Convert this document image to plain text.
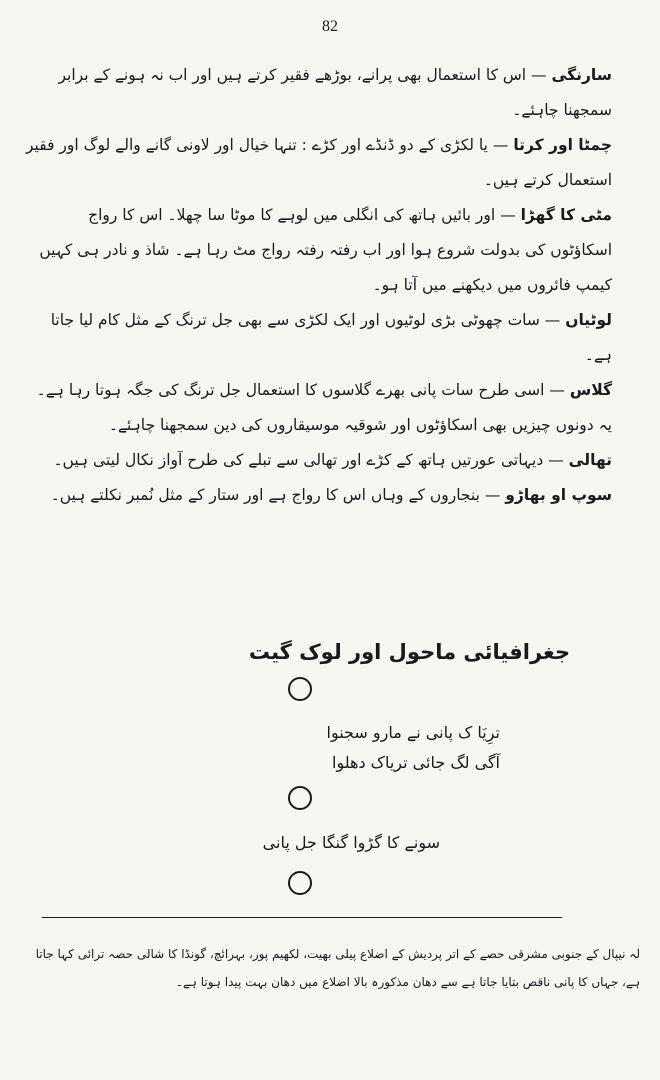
82

سارنگی — اس کا استعمال بھی پرانے، بوڑھے فقیر کرتے ہیں اور اب نہ ہونے کے برابر سمجھنا چاہئے۔

چمٹا اور کرتا — یا لکڑی کے دو ڈنڈے اور کڑے : تنہا خیال اور لاونی گانے والے لوگ اور فقیر استعمال کرتے ہیں۔

مٹی کا گھڑا — اور بائیں ہاتھ کی انگلی میں لوہے کا موٹا سا چھلا۔ اس کا رواج اسکاؤٹوں کی بدولت شروع ہوا اور اب رفتہ رفتہ رواج مٹ رہا ہے۔ شاذ و نادر ہی کہیں کیمپ فائروں میں دیکھنے میں آتا ہو۔

لوٹیاں — سات چھوٹی بڑی لوٹیوں اور ایک لکڑی سے بھی جل ترنگ کے مثل کام لیا جاتا ہے۔

گلاس — اسی طرح سات پانی بھرے گلاسوں کا استعمال جل ترنگ کی جگہ ہوتا رہا ہے۔ یہ دونوں چیزیں بھی اسکاؤٹوں اور شوقیہ موسیقاروں کی دین سمجھنا چاہئے۔

تھالی — دیہاتی عورتیں ہاتھ کے کڑے اور تھالی سے تبلے کی طرح آواز نکال لیتی ہیں۔

سوپ او بھاڑو — بنجاروں کے وہاں اس کا رواج ہے اور ستار کے مثل نُمبر نکلتے ہیں۔

جغرافیائی ماحول اور لوک گیت
ترِیَا ک پانی نے مارو سجنوا
آگی لگ جائی تریاک دھلوا
سونے کا گڑوا گنگا جل پانی
لہ نیپال کے جنوبی مشرقی حصے کے اتر پردیش کے اضلاع پیلی بھیت، لکھیم پور، بہرائچ، گونڈا کا شالی حصہ ترائی کہا جاتا ہے، جہاں کا پانی ناقص بتایا جاتا ہے سے دھان مذکورہ بالا اضلاع میں دھان بہت پیدا ہوتا ہے۔
